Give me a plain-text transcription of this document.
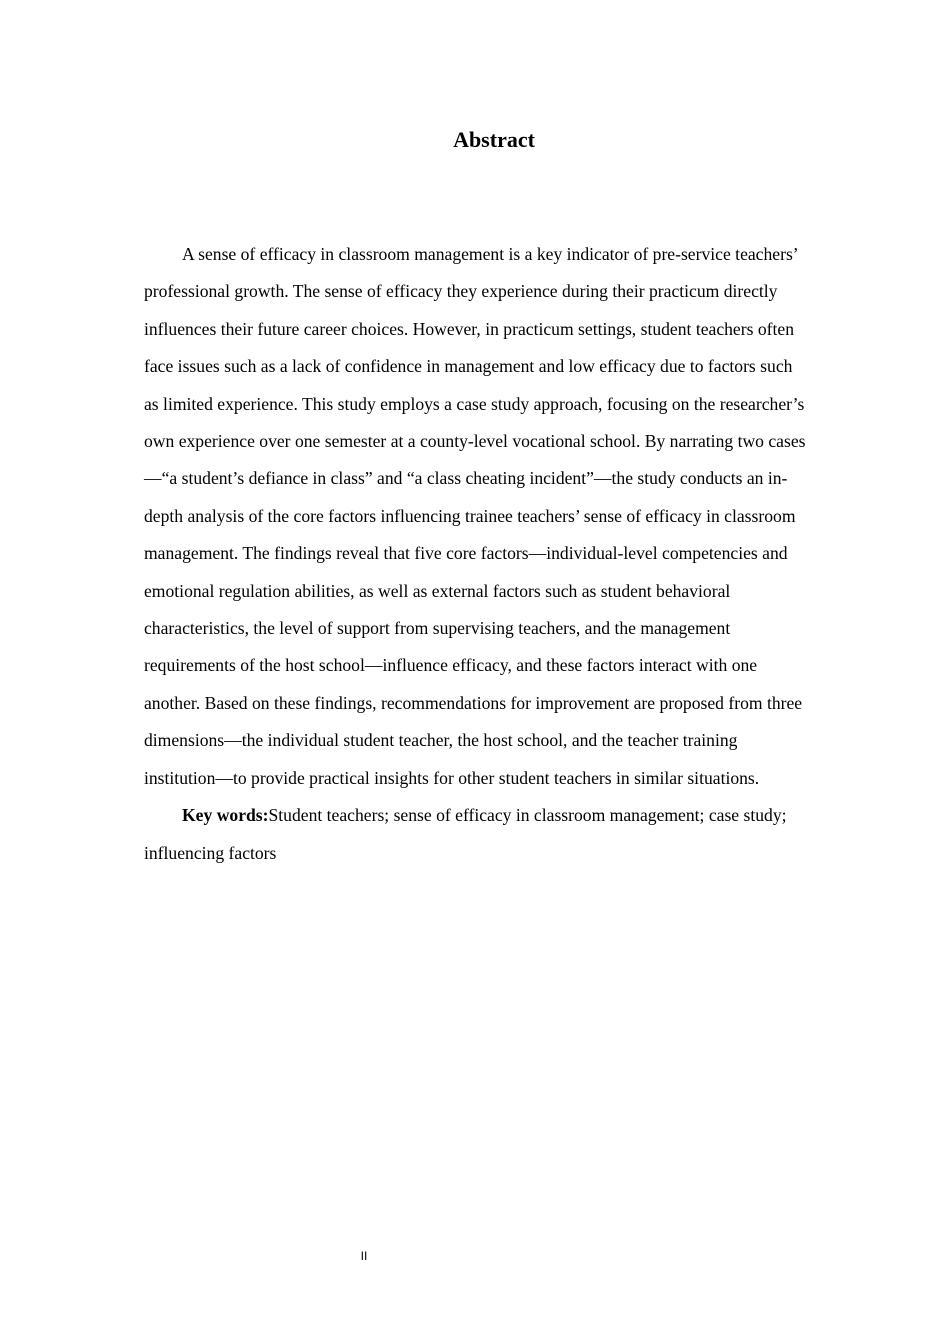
Abstract

A sense of efficacy in classroom management is a key indicator of pre-service teachers’ professional growth. The sense of efficacy they experience during their practicum directly influences their future career choices. However, in practicum settings, student teachers often face issues such as a lack of confidence in management and low efficacy due to factors such as limited experience. This study employs a case study approach, focusing on the researcher’s own experience over one semester at a county-level vocational school. By narrating two cases—“a student’s defiance in class” and “a class cheating incident”—the study conducts an in-depth analysis of the core factors influencing trainee teachers’ sense of efficacy in classroom management. The findings reveal that five core factors—individual-level competencies and emotional regulation abilities, as well as external factors such as student behavioral characteristics, the level of support from supervising teachers, and the management requirements of the host school—influence efficacy, and these factors interact with one another. Based on these findings, recommendations for improvement are proposed from three dimensions—the individual student teacher, the host school, and the teacher training institution—to provide practical insights for other student teachers in similar situations.

Key words:Student teachers; sense of efficacy in classroom management; case study; influencing factors

II
